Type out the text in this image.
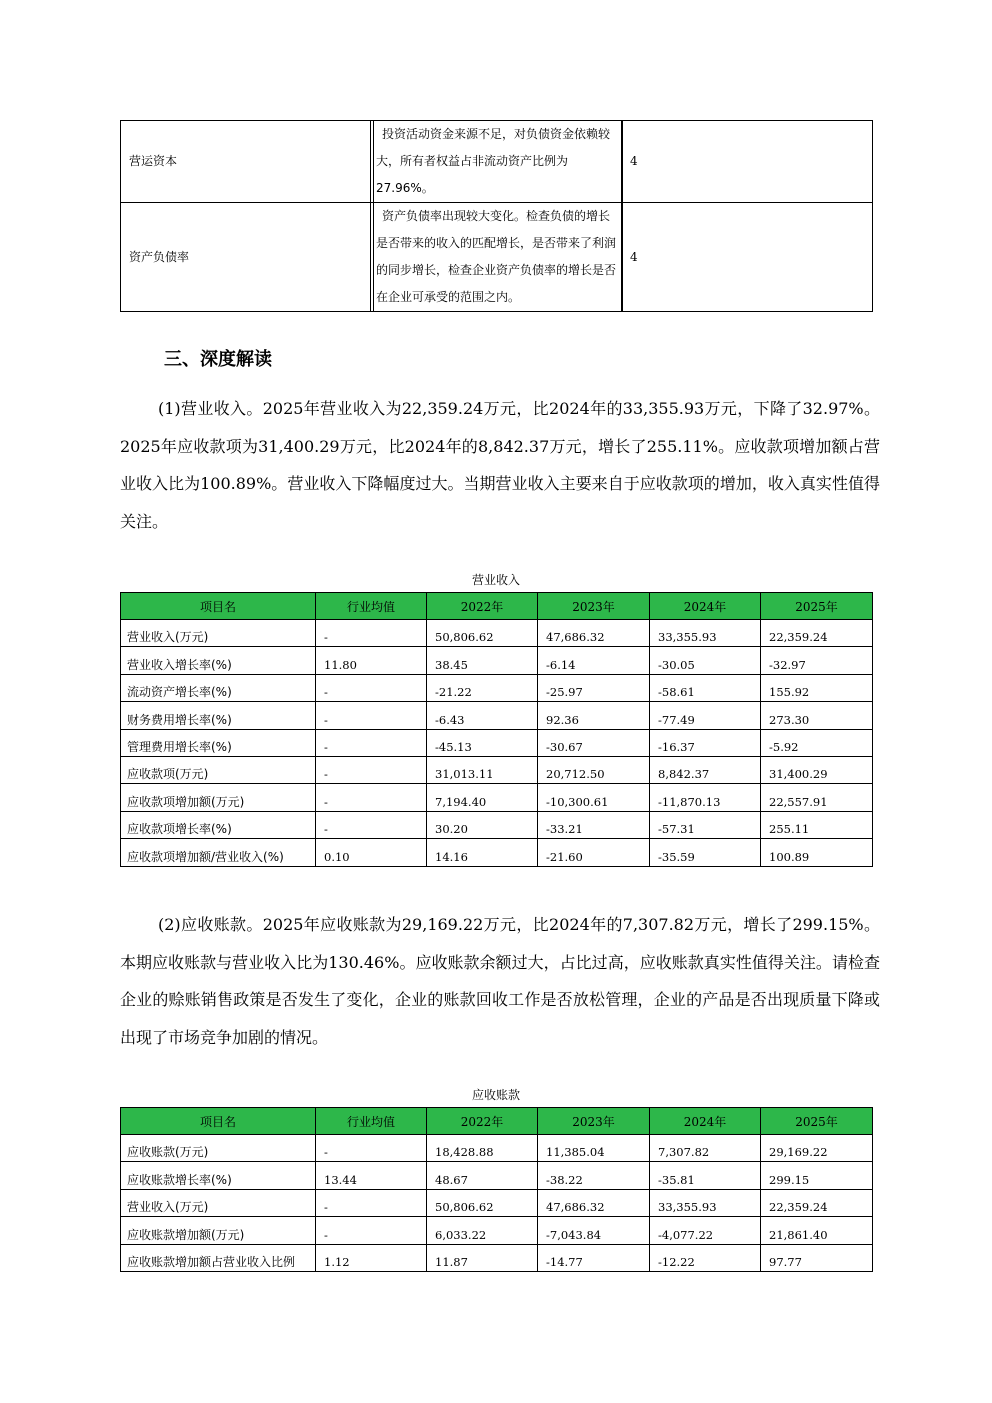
营运资本	投资活动资金来源不足，对负债资金依赖较大，所有者权益占非流动资产比例为27.96%。	4
资产负债率	资产负债率出现较大变化。检查负债的增长是否带来的收入的匹配增长，是否带来了利润的同步增长，检查企业资产负债率的增长是否在企业可承受的范围之内。	4
三、深度解读
(1)营业收入。2025年营业收入为22,359.24万元，比2024年的33,355.93万元，下降了32.97%。2025年应收款项为31,400.29万元，比2024年的8,842.37万元，增长了255.11%。应收款项增加额占营业收入比为100.89%。营业收入下降幅度过大。当期营业收入主要来自于应收款项的增加，收入真实性值得关注。
营业收入
项目名	行业均值	2022年	2023年	2024年	2025年
营业收入(万元)	-	50,806.62	47,686.32	33,355.93	22,359.24
营业收入增长率(%)	11.80	38.45	-6.14	-30.05	-32.97
流动资产增长率(%)	-	-21.22	-25.97	-58.61	155.92
财务费用增长率(%)	-	-6.43	92.36	-77.49	273.30
管理费用增长率(%)	-	-45.13	-30.67	-16.37	-5.92
应收款项(万元)	-	31,013.11	20,712.50	8,842.37	31,400.29
应收款项增加额(万元)	-	7,194.40	-10,300.61	-11,870.13	22,557.91
应收款项增长率(%)	-	30.20	-33.21	-57.31	255.11
应收款项增加额/营业收入(%)	0.10	14.16	-21.60	-35.59	100.89
(2)应收账款。2025年应收账款为29,169.22万元，比2024年的7,307.82万元，增长了299.15%。本期应收账款与营业收入比为130.46%。应收账款余额过大，占比过高，应收账款真实性值得关注。请检查企业的赊账销售政策是否发生了变化，企业的账款回收工作是否放松管理，企业的产品是否出现质量下降或出现了市场竞争加剧的情况。
应收账款
项目名	行业均值	2022年	2023年	2024年	2025年
应收账款(万元)	-	18,428.88	11,385.04	7,307.82	29,169.22
应收账款增长率(%)	13.44	48.67	-38.22	-35.81	299.15
营业收入(万元)	-	50,806.62	47,686.32	33,355.93	22,359.24
应收账款增加额(万元)	-	6,033.22	-7,043.84	-4,077.22	21,861.40
应收账款增加额占营业收入比例	1.12	11.87	-14.77	-12.22	97.77
